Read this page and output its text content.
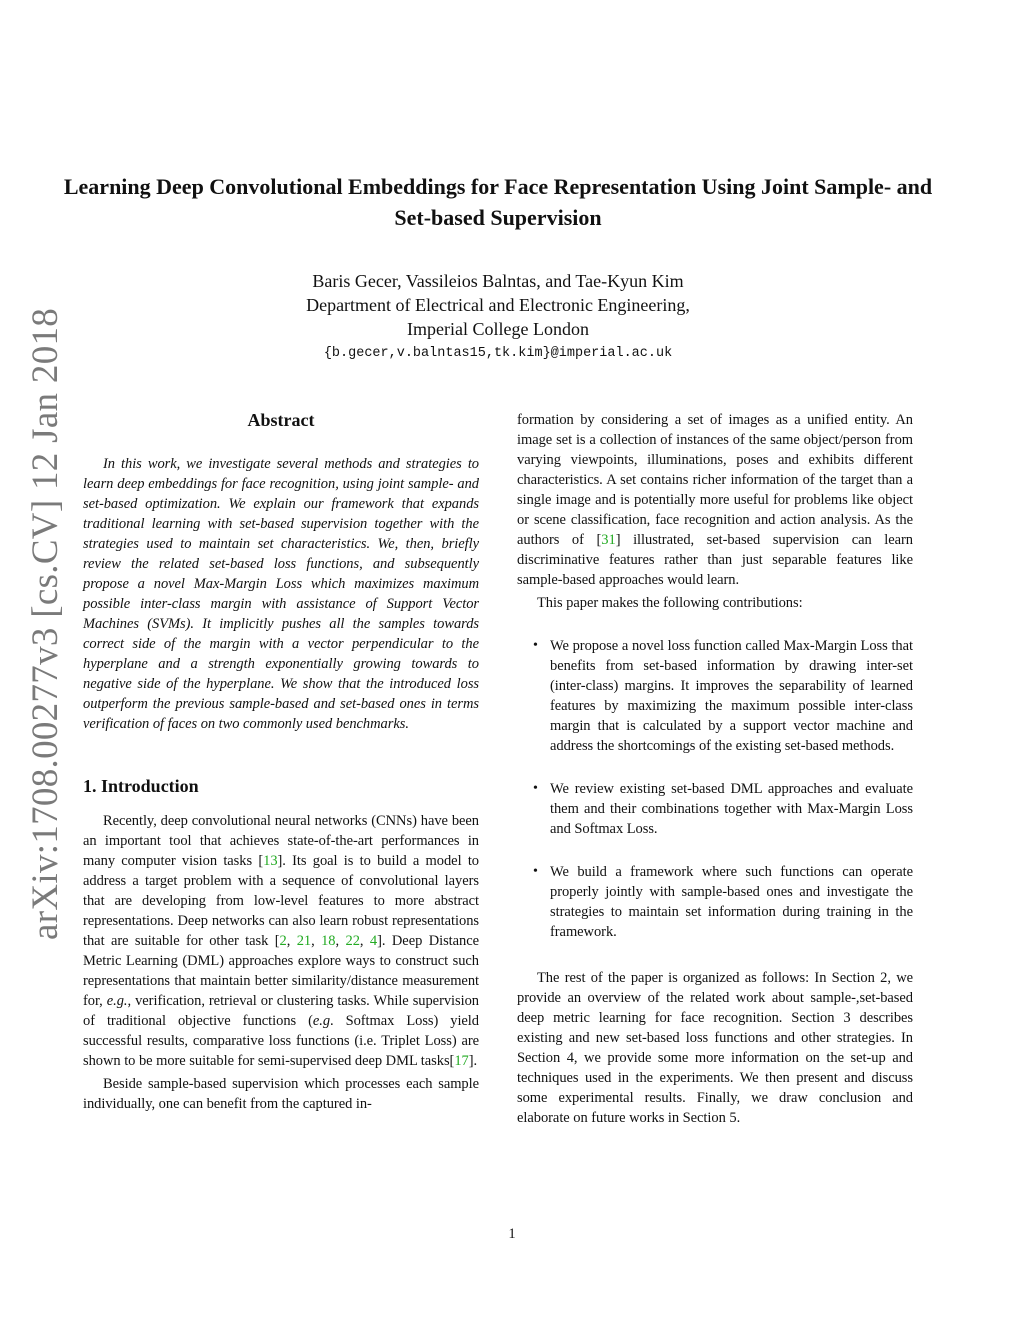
arXiv:1708.00277v3 [cs.CV] 12 Jan 2018
Learning Deep Convolutional Embeddings for Face Representation Using Joint Sample- and Set-based Supervision
Baris Gecer, Vassileios Balntas, and Tae-Kyun Kim
Department of Electrical and Electronic Engineering,
Imperial College London
{b.gecer,v.balntas15,tk.kim}@imperial.ac.uk
Abstract

In this work, we investigate several methods and strategies to learn deep embeddings for face recognition, using joint sample- and set-based optimization. We explain our framework that expands traditional learning with set-based supervision together with the strategies used to maintain set characteristics. We, then, briefly review the related set-based loss functions, and subsequently propose a novel Max-Margin Loss which maximizes maximum possible inter-class margin with assistance of Support Vector Machines (SVMs). It implicitly pushes all the samples towards correct side of the margin with a vector perpendicular to the hyperplane and a strength exponentially growing towards to negative side of the hyperplane. We show that the introduced loss outperform the previous sample-based and set-based ones in terms verification of faces on two commonly used benchmarks.

1. Introduction

Recently, deep convolutional neural networks (CNNs) have been an important tool that achieves state-of-the-art performances in many computer vision tasks [13]. Its goal is to build a model to address a target problem with a sequence of convolutional layers that are developing from low-level features to more abstract representations. Deep networks can also learn robust representations that are suitable for other task [2, 21, 18, 22, 4]. Deep Distance Metric Learning (DML) approaches explore ways to construct such representations that maintain better similarity/distance measurement for, e.g., verification, retrieval or clustering tasks. While supervision of traditional objective functions (e.g. Softmax Loss) yield successful results, comparative loss functions (i.e. Triplet Loss) are shown to be more suitable for semi-supervised deep DML tasks[17].

Beside sample-based supervision which processes each sample individually, one can benefit from the captured in-

formation by considering a set of images as a unified entity. An image set is a collection of instances of the same object/person from varying viewpoints, illuminations, poses and exhibits different characteristics. A set contains richer information of the target than a single image and is potentially more useful for problems like object or scene classification, face recognition and action analysis. As the authors of [31] illustrated, set-based supervision can learn discriminative features rather than just separable features like sample-based approaches would learn.

This paper makes the following contributions:

• We propose a novel loss function called Max-Margin Loss that benefits from set-based information by drawing inter-set (inter-class) margins. It improves the separability of learned features by maximizing the maximum possible inter-class margin that is calculated by a support vector machine and address the shortcomings of the existing set-based methods.
• We review existing set-based DML approaches and evaluate them and their combinations together with Max-Margin Loss and Softmax Loss.
• We build a framework where such functions can operate properly jointly with sample-based ones and investigate the strategies to maintain set information during training in the framework.

The rest of the paper is organized as follows: In Section 2, we provide an overview of the related work about sample-,set-based deep metric learning for face recognition. Section 3 describes existing and new set-based loss functions and other strategies. In Section 4, we provide some more information on the set-up and techniques used in the experiments. We then present and discuss some experimental results. Finally, we draw conclusion and elaborate on future works in Section 5.

1
